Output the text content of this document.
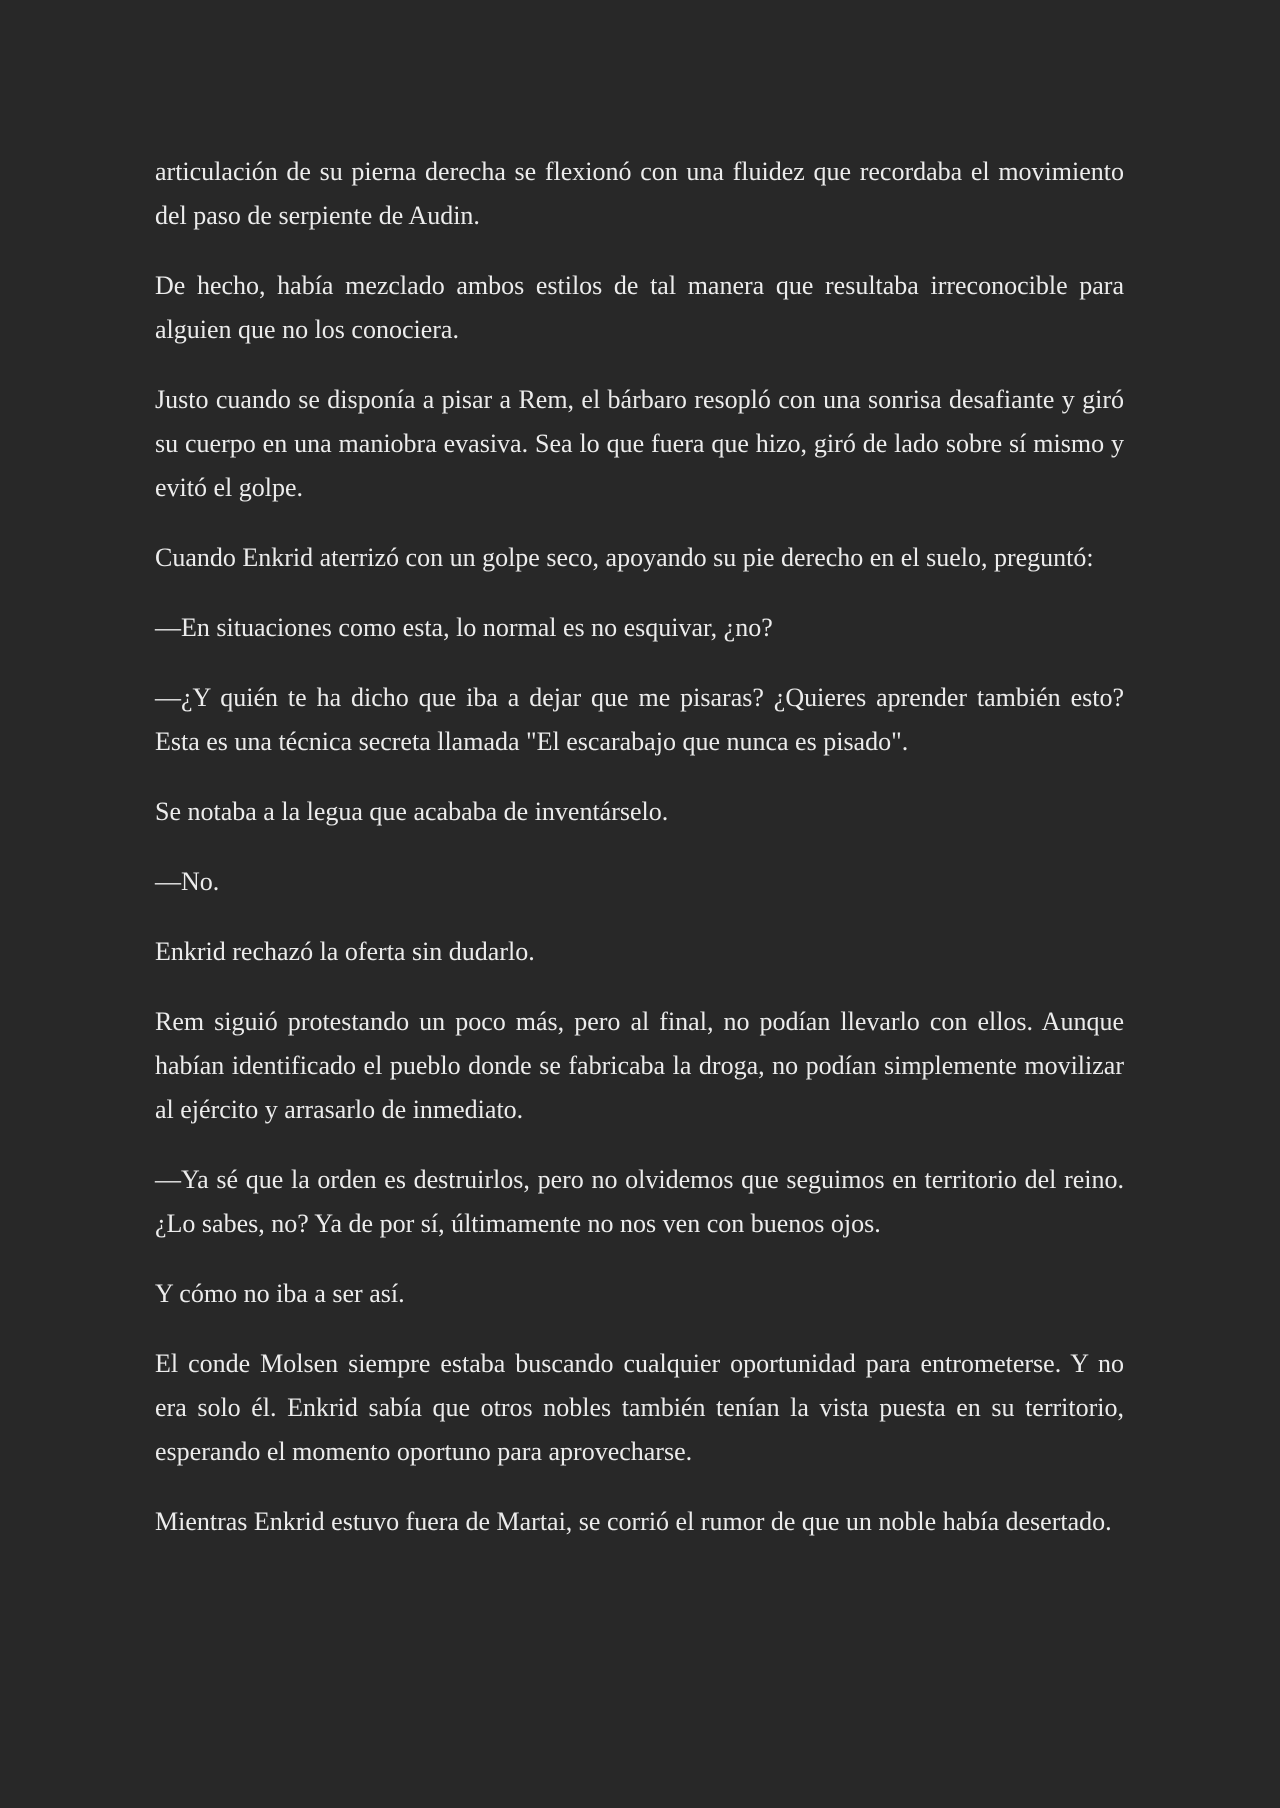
articulación de su pierna derecha se flexionó con una fluidez que recordaba el movimiento del paso de serpiente de Audin.

De hecho, había mezclado ambos estilos de tal manera que resultaba irreconocible para alguien que no los conociera.

Justo cuando se disponía a pisar a Rem, el bárbaro resopló con una sonrisa desafiante y giró su cuerpo en una maniobra evasiva. Sea lo que fuera que hizo, giró de lado sobre sí mismo y evitó el golpe.

Cuando Enkrid aterrizó con un golpe seco, apoyando su pie derecho en el suelo, preguntó:

—En situaciones como esta, lo normal es no esquivar, ¿no?

—¿Y quién te ha dicho que iba a dejar que me pisaras? ¿Quieres aprender también esto? Esta es una técnica secreta llamada "El escarabajo que nunca es pisado".

Se notaba a la legua que acababa de inventárselo.

—No.

Enkrid rechazó la oferta sin dudarlo.

Rem siguió protestando un poco más, pero al final, no podían llevarlo con ellos. Aunque habían identificado el pueblo donde se fabricaba la droga, no podían simplemente movilizar al ejército y arrasarlo de inmediato.

—Ya sé que la orden es destruirlos, pero no olvidemos que seguimos en territorio del reino. ¿Lo sabes, no? Ya de por sí, últimamente no nos ven con buenos ojos.

Y cómo no iba a ser así.

El conde Molsen siempre estaba buscando cualquier oportunidad para entrometerse. Y no era solo él. Enkrid sabía que otros nobles también tenían la vista puesta en su territorio, esperando el momento oportuno para aprovecharse.

Mientras Enkrid estuvo fuera de Martai, se corrió el rumor de que un noble había desertado.
